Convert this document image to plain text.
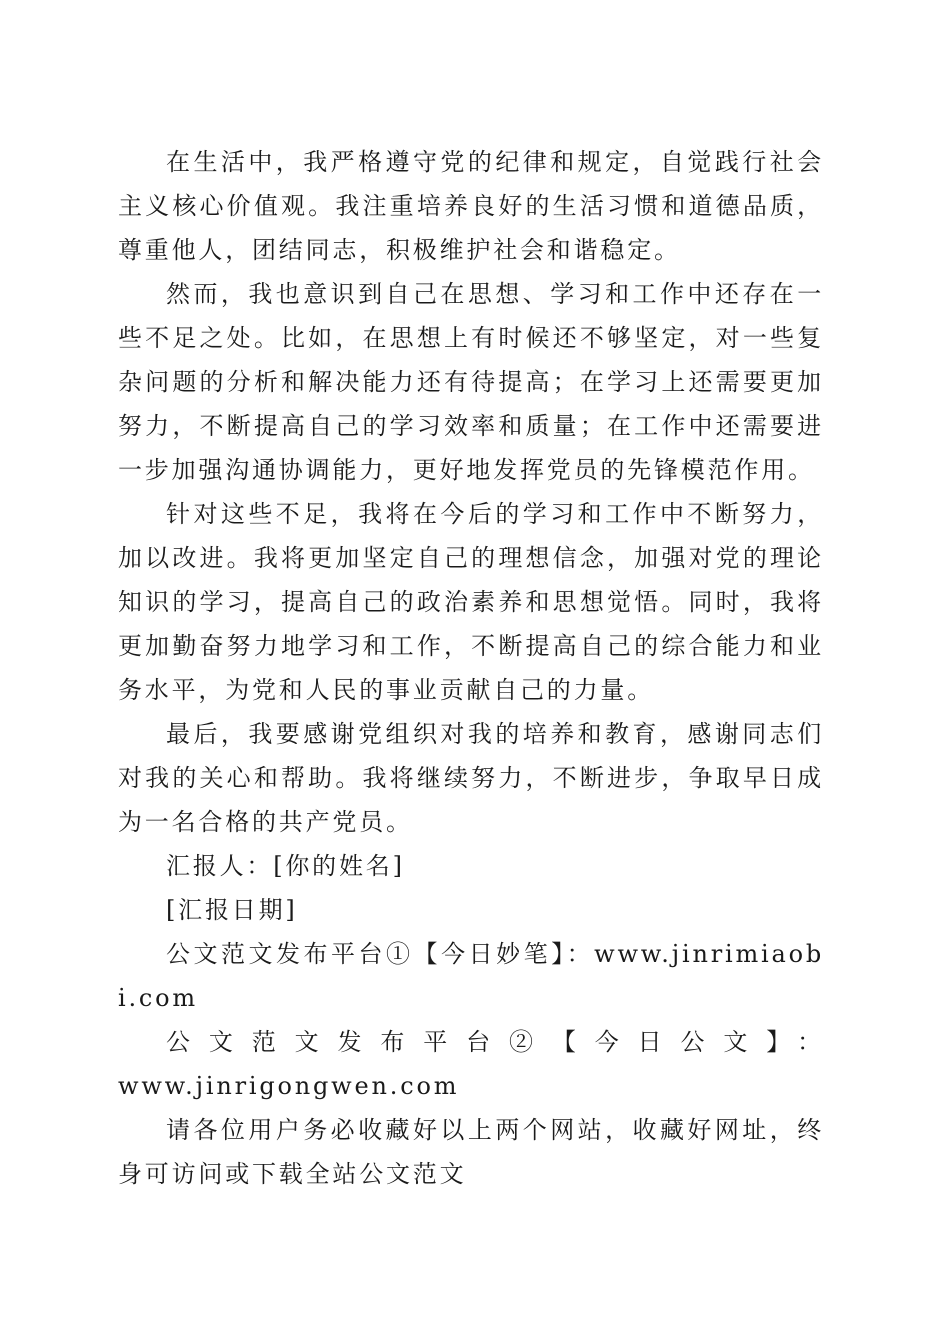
在生活中，我严格遵守党的纪律和规定，自觉践行社会主义核心价值观。我注重培养良好的生活习惯和道德品质，尊重他人，团结同志，积极维护社会和谐稳定。

然而，我也意识到自己在思想、学习和工作中还存在一些不足之处。比如，在思想上有时候还不够坚定，对一些复杂问题的分析和解决能力还有待提高；在学习上还需要更加努力，不断提高自己的学习效率和质量；在工作中还需要进一步加强沟通协调能力，更好地发挥党员的先锋模范作用。

针对这些不足，我将在今后的学习和工作中不断努力，加以改进。我将更加坚定自己的理想信念，加强对党的理论知识的学习，提高自己的政治素养和思想觉悟。同时，我将更加勤奋努力地学习和工作，不断提高自己的综合能力和业务水平，为党和人民的事业贡献自己的力量。

最后，我要感谢党组织对我的培养和教育，感谢同志们对我的关心和帮助。我将继续努力，不断进步，争取早日成为一名合格的共产党员。

汇报人：[你的姓名]

[汇报日期]

公文范文发布平台①【今日妙笔】：www.jinrimiaobi.com

公文范文发布平台②【今日公文】：

www.jinrigongwen.com

请各位用户务必收藏好以上两个网站，收藏好网址，终身可访问或下载全站公文范文
